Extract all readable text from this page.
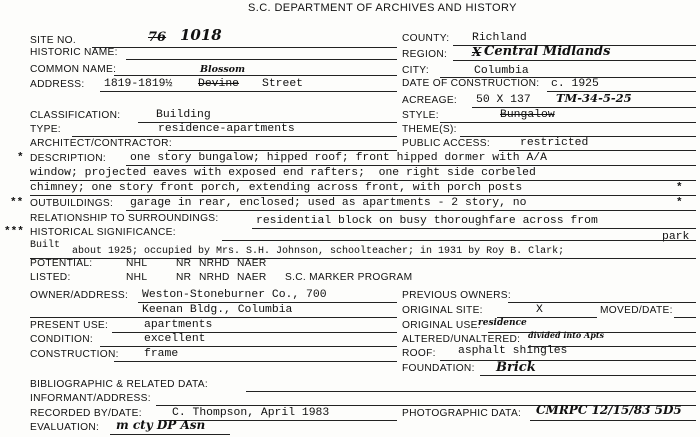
S.C. DEPARTMENT OF ARCHIVES AND HISTORY
SITE NO.	76 1018
HISTORIC NAME:
COMMON NAME:	Blossom
ADDRESS: 1819-1819½ Devine Street
COUNTY: Richland
REGION: X Central Midlands
CITY:	Columbia
DATE OF CONSTRUCTION: c. 1925
ACREAGE: 50 X 137 TM-34-5-25
CLASSIFICATION:	Building	STYLE:	Bungalow
TYPE:	residence-apartments	THEME(S):
ARCHITECT/CONTRACTOR:	PUBLIC ACCESS:	restricted
* DESCRIPTION: one story bungalow; hipped roof; front hipped dormer with A/A
window; projected eaves with exposed end rafters;  one right side corbeled
chimney; one story front porch, extending across front, with porch posts	*
** OUTBUILDINGS: garage in rear, enclosed; used as apartments - 2 story, no	*
RELATIONSHIP TO SURROUNDINGS:	residential block on busy thoroughfare across from
*** HISTORICAL SIGNIFICANCE:	park
Built
about 1925; occupied by Mrs. S.H. Johnson, schoolteacher; in 1931 by Roy B. Clark;
POTENTIAL:	NHL	NR NRHD NAER
LISTED:	NHL	NR NRHD NAER S.C. MARKER PROGRAM
OWNER/ADDRESS: Weston-Stoneburner Co., 700
Keenan Bldg., Columbia
PREVIOUS OWNERS:
ORIGINAL SITE:	X	MOVED/DATE:
PRESENT USE:	apartments	ORIGINAL USE:
residence
CONDITION:	excellent	ALTERED/UNALTERED: divided into Apts
CONSTRUCTION: frame	ROOF: asphalt shingles
FOUNDATION: Brick
BIBLIOGRAPHIC & RELATED DATA:
INFORMANT/ADDRESS:
RECORDED BY/DATE:	C. Thompson, April 1983	PHOTOGRAPHIC DATA: CMRPC 12/15/83 5D5
EVALUATION: m cty DP Asn
